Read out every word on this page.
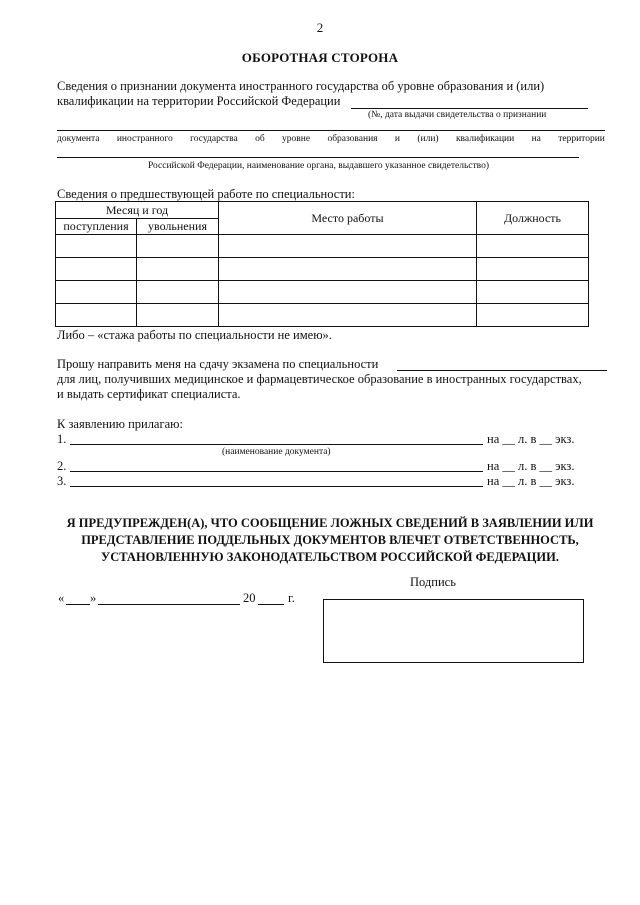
2
ОБОРОТНАЯ СТОРОНА
Сведения о признании документа иностранного государства об уровне образования и (или)
квалификации на территории Российской Федерации
(№, дата выдачи свидетельства о признании
документа иностранного государства об уровне образования и (или) квалификации на территории
Российской Федерации, наименование органа, выдавшего указанное свидетельство)
Сведения о предшествующей работе по специальности:
Месяц и год		Место работы	Должность
поступления	увольнения		

Либо – «стажа работы по специальности не имею».
Прошу направить меня на сдачу экзамена по специальности
для лиц, получивших медицинское и фармацевтическое образование в иностранных государствах,
и выдать сертификат специалиста.
К заявлению прилагаю:
1.	на __ л. в __ экз.
(наименование документа)
2.	на __ л. в __ экз.
3.	на __ л. в __ экз.
Я ПРЕДУПРЕЖДЕН(А), ЧТО СООБЩЕНИЕ ЛОЖНЫХ СВЕДЕНИЙ В ЗАЯВЛЕНИИ ИЛИ
ПРЕДСТАВЛЕНИЕ ПОДДЕЛЬНЫХ ДОКУМЕНТОВ ВЛЕЧЕТ ОТВЕТСТВЕННОСТЬ,
УСТАНОВЛЕННУЮ ЗАКОНОДАТЕЛЬСТВОМ РОССИЙСКОЙ ФЕДЕРАЦИИ.
Подпись
« »	20	г.
